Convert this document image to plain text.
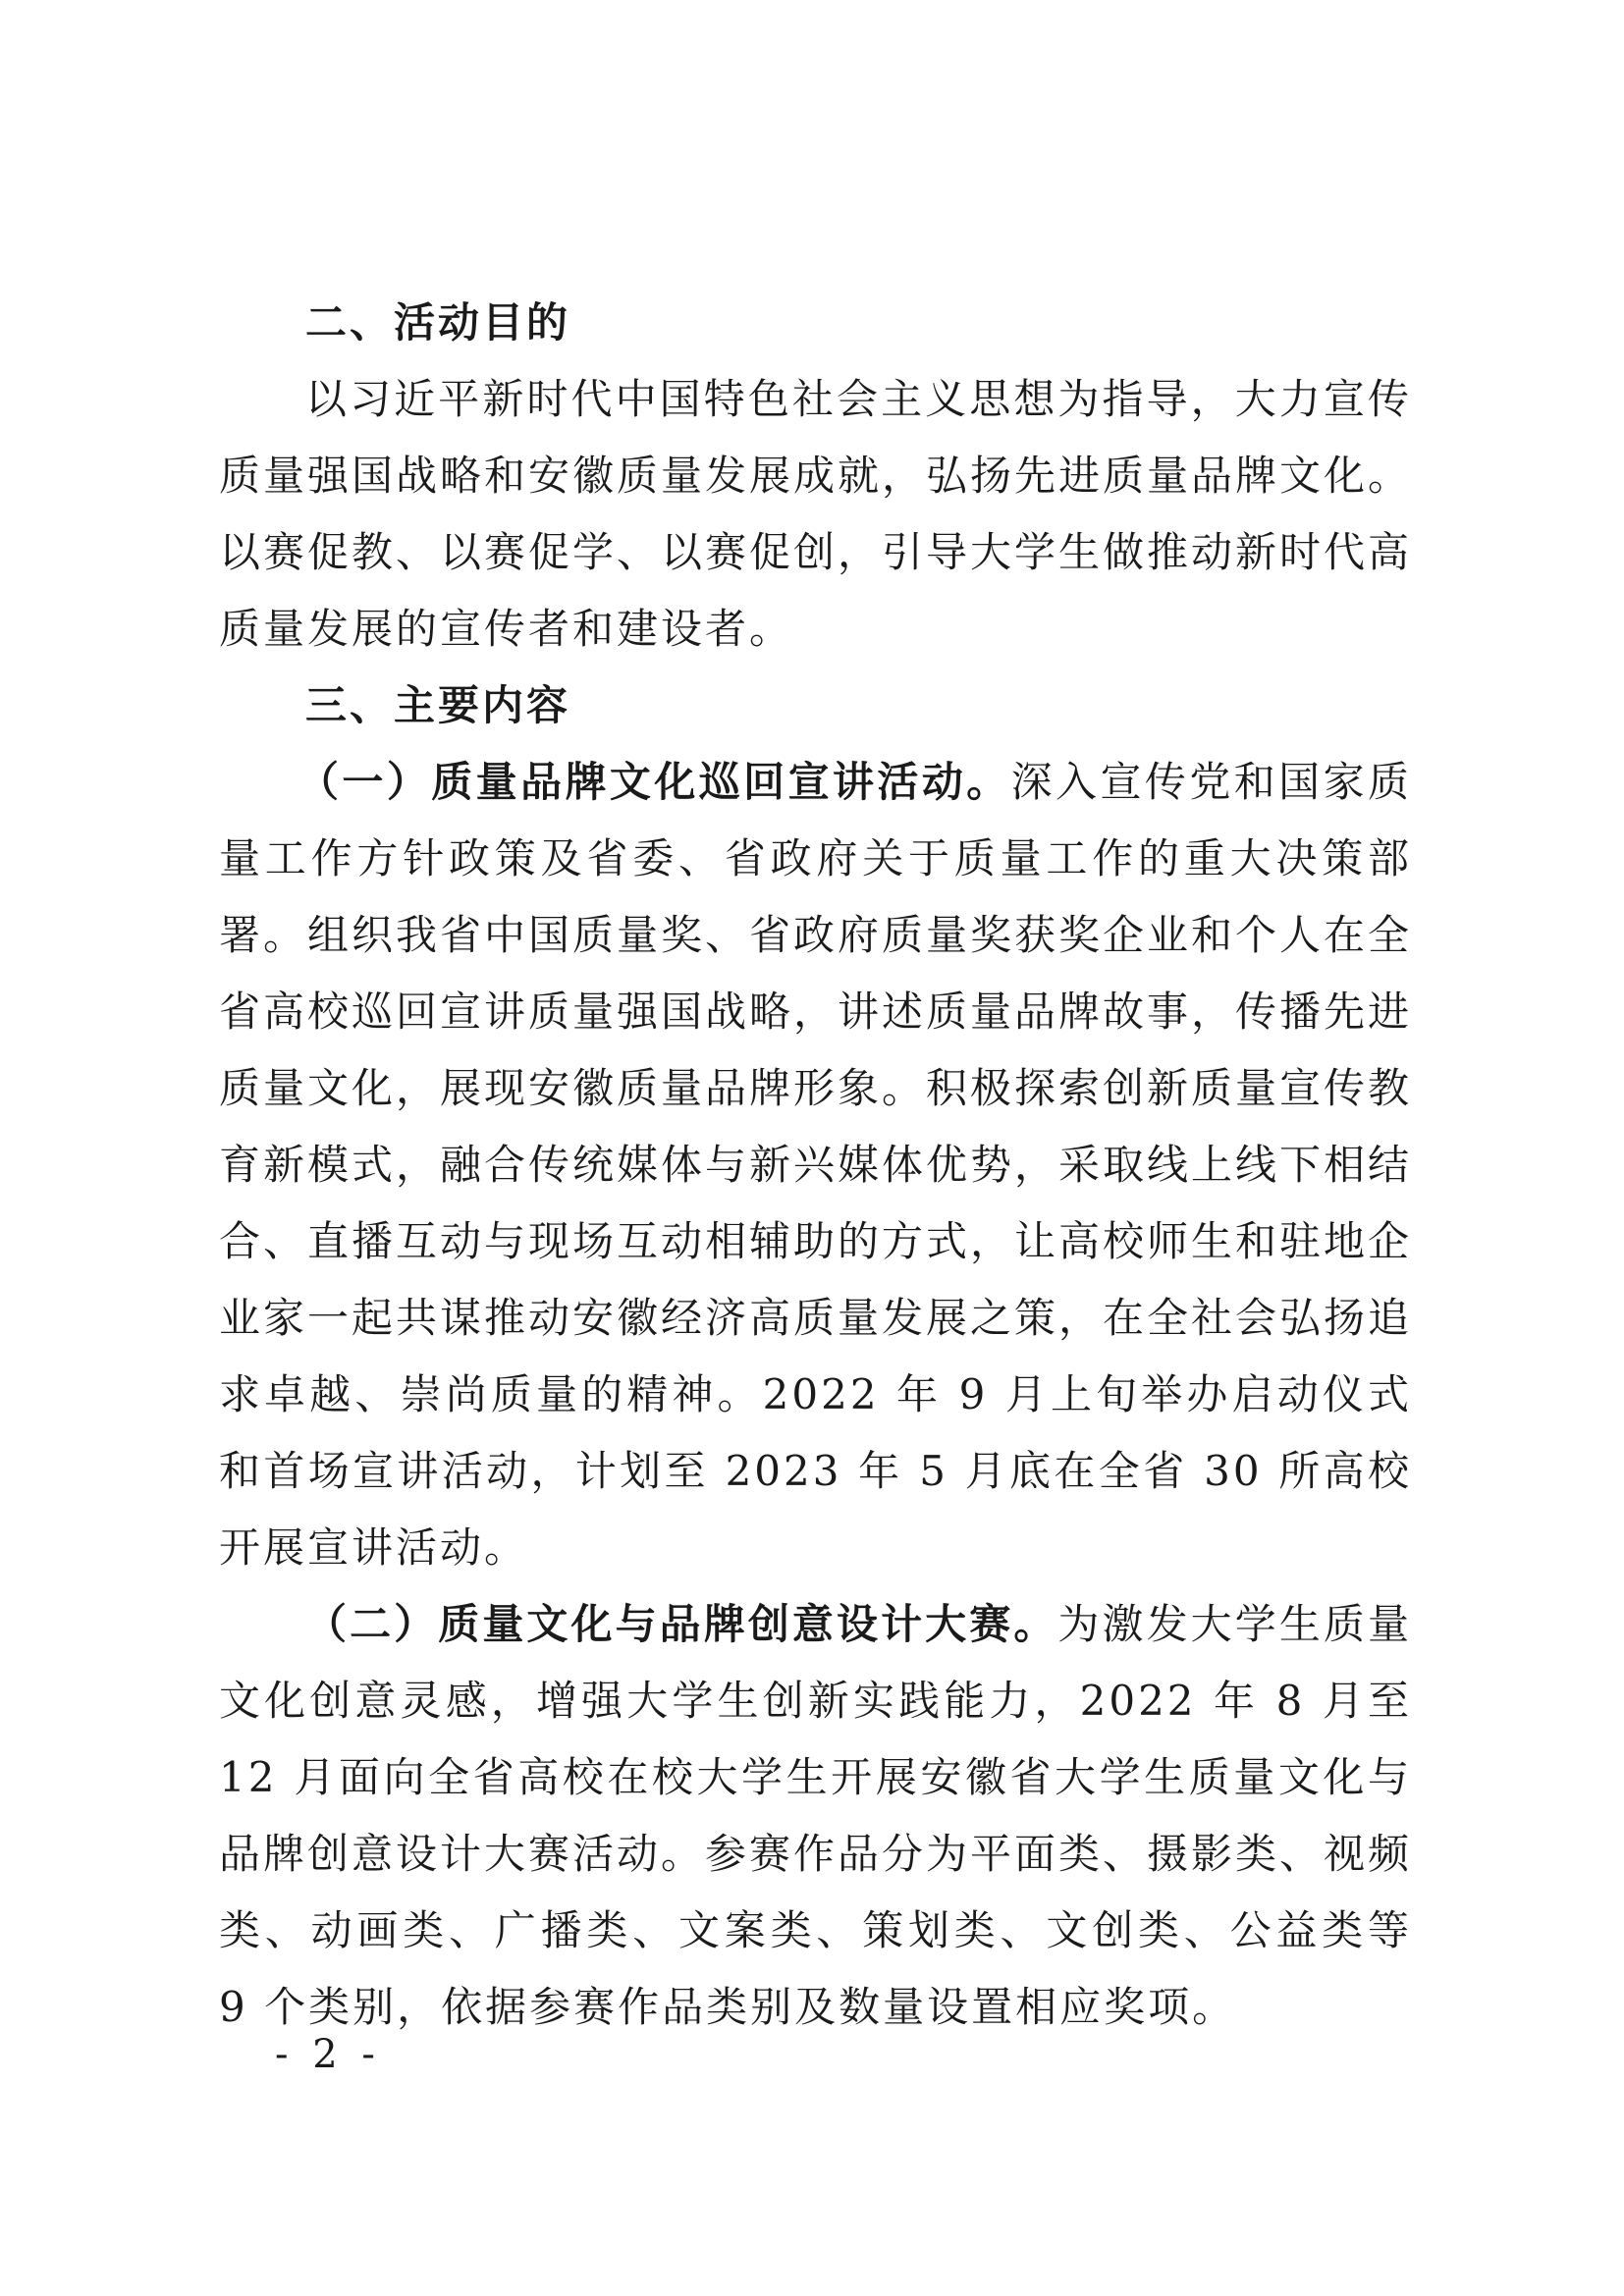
二、活动目的

以习近平新时代中国特色社会主义思想为指导，大力宣传质量强国战略和安徽质量发展成就，弘扬先进质量品牌文化。以赛促教、以赛促学、以赛促创，引导大学生做推动新时代高质量发展的宣传者和建设者。

三、主要内容

（一）质量品牌文化巡回宣讲活动。深入宣传党和国家质量工作方针政策及省委、省政府关于质量工作的重大决策部署。组织我省中国质量奖、省政府质量奖获奖企业和个人在全省高校巡回宣讲质量强国战略，讲述质量品牌故事，传播先进质量文化，展现安徽质量品牌形象。积极探索创新质量宣传教育新模式，融合传统媒体与新兴媒体优势，采取线上线下相结合、直播互动与现场互动相辅助的方式，让高校师生和驻地企业家一起共谋推动安徽经济高质量发展之策，在全社会弘扬追求卓越、崇尚质量的精神。2022 年 9 月上旬举办启动仪式和首场宣讲活动，计划至 2023 年 5 月底在全省 30 所高校开展宣讲活动。

（二）质量文化与品牌创意设计大赛。为激发大学生质量文化创意灵感，增强大学生创新实践能力，2022 年 8 月至 12 月面向全省高校在校大学生开展安徽省大学生质量文化与品牌创意设计大赛活动。参赛作品分为平面类、摄影类、视频类、动画类、广播类、文案类、策划类、文创类、公益类等 9 个类别，依据参赛作品类别及数量设置相应奖项。

- 2 -
